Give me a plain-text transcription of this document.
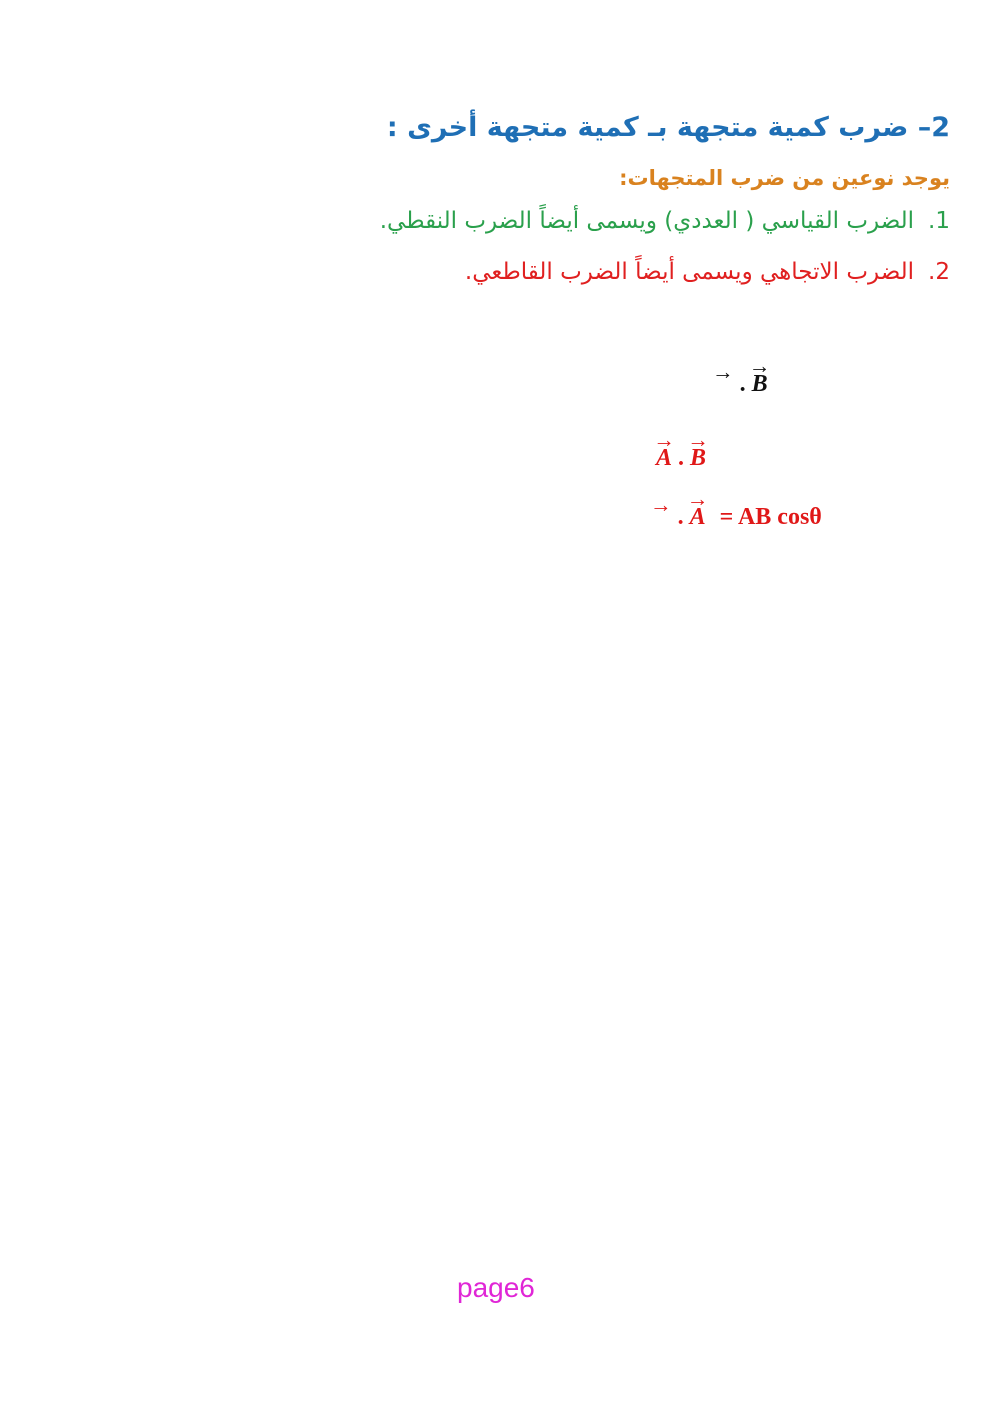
2– ضرب كمية متجهة بـ كمية متجهة أخرى :
يوجد نوعين من ضرب المتجهات:
1.الضرب القياسي ( العددي) ويسمى أيضاً الضرب النقطي.
2.الضرب الاتجاهي ويسمى أيضاً الضرب القاطعي.
→ . → B
→ A . → B
→ . → A = AB cosθ
page6
